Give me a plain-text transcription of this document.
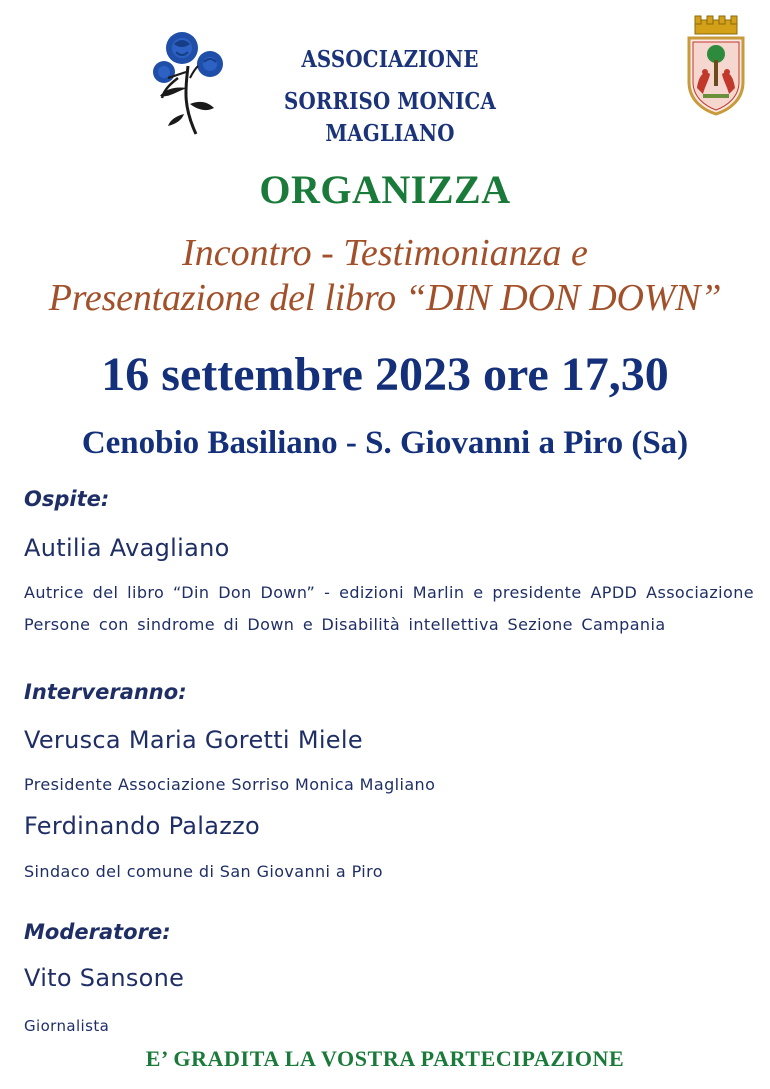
ASSOCIAZIONE
SORRISO MONICA MAGLIANO
ORGANIZZA
Incontro - Testimonianza e
Presentazione del libro “DIN DON DOWN”
16 settembre 2023 ore 17,30
Cenobio Basiliano - S. Giovanni a Piro (Sa)
Ospite:
Autilia Avagliano
Autrice del libro “Din Don Down” - edizioni Marlin e presidente APDD Associazione Persone con sindrome di Down e Disabilità intellettiva Sezione Campania
Interveranno:
Verusca Maria Goretti Miele
Presidente Associazione Sorriso Monica Magliano
Ferdinando Palazzo
Sindaco del comune di San Giovanni a Piro
Moderatore:
Vito Sansone
Giornalista
E’ GRADITA LA VOSTRA PARTECIPAZIONE
